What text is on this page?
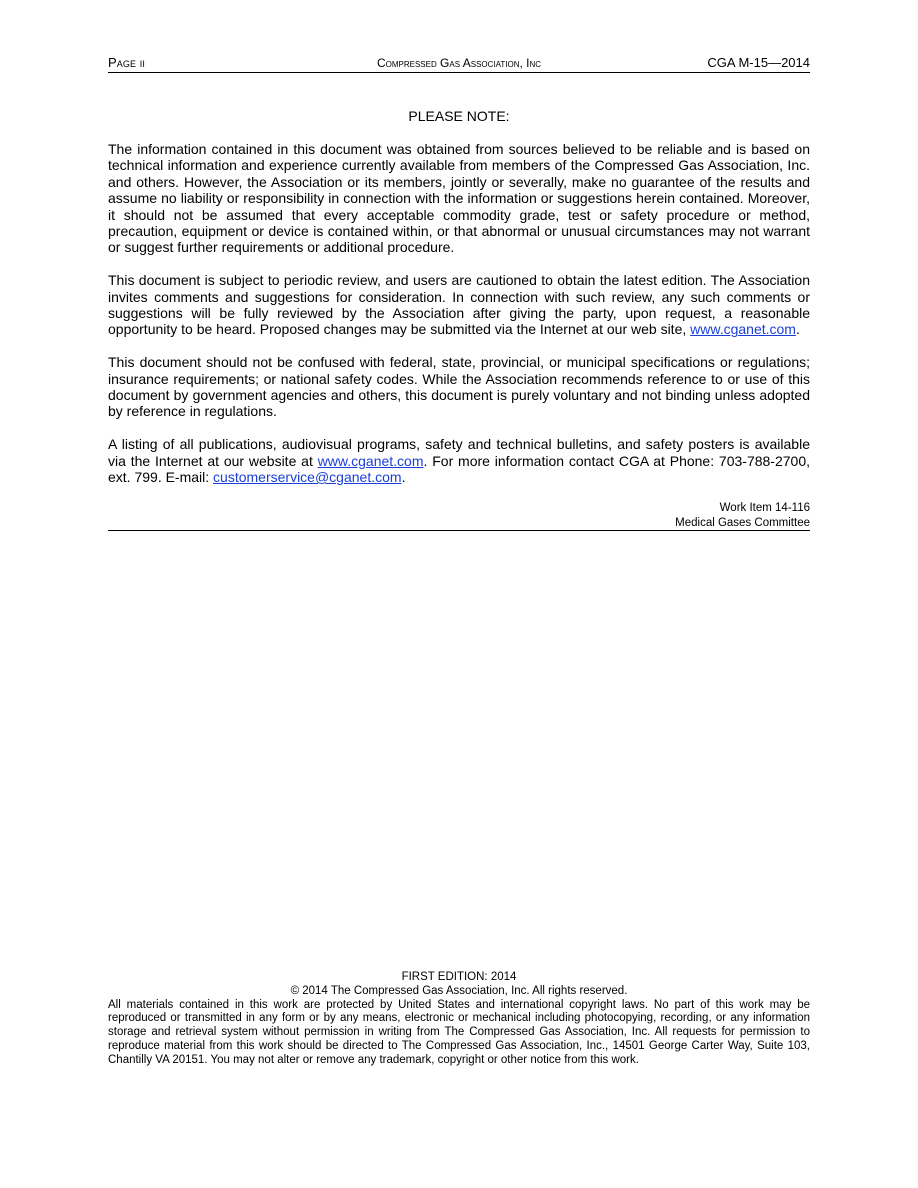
Page ii	Compressed Gas Association, Inc	CGA M-15—2014
PLEASE NOTE:

The information contained in this document was obtained from sources believed to be reliable and is based on technical information and experience currently available from members of the Compressed Gas Association, Inc. and others. However, the Association or its members, jointly or severally, make no guarantee of the results and assume no liability or responsibility in connection with the information or suggestions herein contained. Moreover, it should not be assumed that every acceptable commodity grade, test or safety procedure or method, precaution, equipment or device is contained within, or that abnormal or unusual circumstances may not warrant or suggest further requirements or additional procedure.

This document is subject to periodic review, and users are cautioned to obtain the latest edition. The Association invites comments and suggestions for consideration. In connection with such review, any such comments or suggestions will be fully reviewed by the Association after giving the party, upon request, a reasonable opportunity to be heard. Proposed changes may be submitted via the Internet at our web site, www.cganet.com.

This document should not be confused with federal, state, provincial, or municipal specifications or regulations; insurance requirements; or national safety codes. While the Association recommends reference to or use of this document by government agencies and others, this document is purely voluntary and not binding unless adopted by reference in regulations.

A listing of all publications, audiovisual programs, safety and technical bulletins, and safety posters is available via the Internet at our website at www.cganet.com. For more information contact CGA at Phone: 703-788-2700, ext. 799. E-mail: customerservice@cganet.com.

Work Item 14-116
Medical Gases Committee
FIRST EDITION: 2014
© 2014 The Compressed Gas Association, Inc. All rights reserved.
All materials contained in this work are protected by United States and international copyright laws. No part of this work may be reproduced or transmitted in any form or by any means, electronic or mechanical including photocopying, recording, or any information storage and retrieval system without permission in writing from The Compressed Gas Association, Inc. All requests for permission to reproduce material from this work should be directed to The Compressed Gas Association, Inc., 14501 George Carter Way, Suite 103, Chantilly VA 20151. You may not alter or remove any trademark, copyright or other notice from this work.
